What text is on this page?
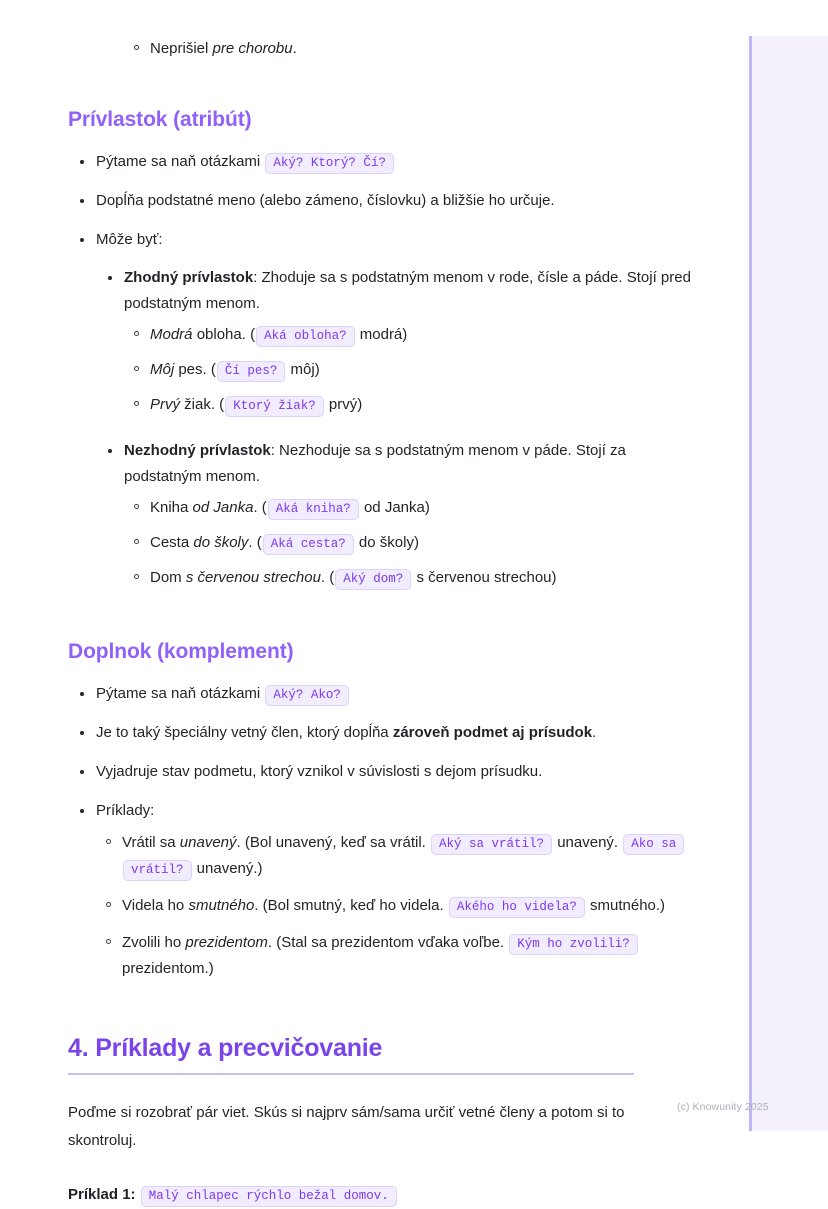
Neprišiel pre chorobu.
Prívlastok (atribút)
Pýtame sa naň otázkami Aký? Ktorý? Čí?
Dopĺňa podstatné meno (alebo zámeno, číslovku) a bližšie ho určuje.
Môže byť:
Zhodný prívlastok: Zhoduje sa s podstatným menom v rode, čísle a páde. Stojí pred podstatným menom.
Modrá obloha. ( Aká obloha? modrá)
Môj pes. ( Čí pes? môj)
Prvý žiak. ( Ktorý žiak? prvý)
Nezhodný prívlastok: Nezhoduje sa s podstatným menom v páde. Stojí za podstatným menom.
Kniha od Janka. ( Aká kniha? od Janka)
Cesta do školy. ( Aká cesta? do školy)
Dom s červenou strechou. ( Aký dom? s červenou strechou)
Doplnok (komplement)
Pýtame sa naň otázkami Aký? Ako?
Je to taký špeciálny vetný člen, ktorý dopĺňa zároveň podmet aj prísudok.
Vyjadruje stav podmetu, ktorý vznikol v súvislosti s dejom prísudku.
Príklady:
Vrátil sa unavený. (Bol unavený, keď sa vrátil. Aký sa vrátil? unavený. Ako sa vrátil? unavený.)
Videla ho smutného. (Bol smutný, keď ho videla. Akého ho videla? smutného.)
Zvolili ho prezidentom. (Stal sa prezidentom vďaka voľbe. Kým ho zvolili? prezidentom.)
4. Príklady a precvičovanie

Poďme si rozobrať pár viet. Skús si najprv sám/sama určiť vetné členy a potom si to skontroluj.

Príklad 1: Malý chlapec rýchlo bežal domov.

(c) Knowunity 2025
